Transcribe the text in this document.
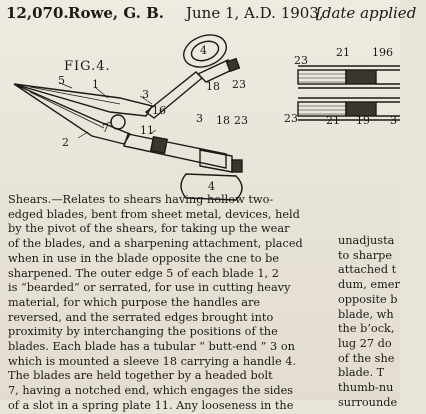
12,070. Rowe, G. B. June 1, A.D. 1903,
[date applied
FIG.4.
5 1
2
7
3
16
11
3
18
18
23
23
4
4
23
23
21
21 19
19 6
3
Shears.—Relates to shears having hollow two-
edged blades, bent from sheet metal, devices, held
by the pivot of the shears, for taking up the wear
of the blades, and a sharpening attachment, placed
when in use in the blade opposite the cne to be
sharpened. The outer edge 5 of each blade 1, 2
is “bearded” or serrated, for use in cutting heavy
material, for which purpose the handles are
reversed, and the serrated edges brought into
proximity by interchanging the positions of the
blades. Each blade has a tubular “ butt-end ” 3 on
which is mounted a sleeve 18 carrying a handle 4.
The blades are held together by a headed bolt
7, having a notched end, which engages the sides
of a slot in a spring plate 11. Any looseness in the
unadjusta
to sharpe
attached t
dum, emer
opposite b
blade, wh
the b’ock,
lug 27 do
of the she
blade. T
thumb-nu
surrounde
